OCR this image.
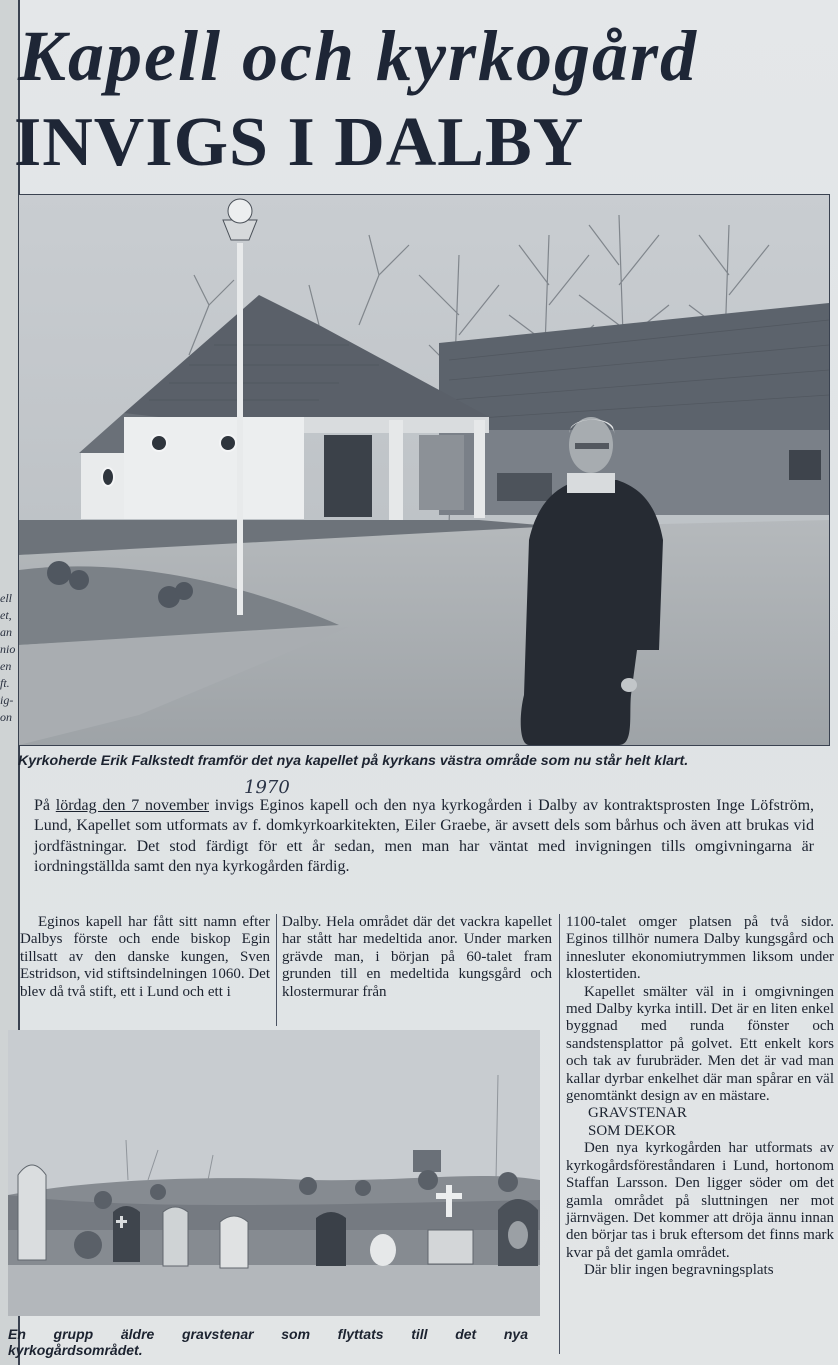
ell
et,
an
nio
en
ft.
ig-
on
Kapell och kyrkogård
INVIGS I DALBY
Kyrkoherde Erik Falkstedt framför det nya kapellet på kyrkans västra område som nu står helt klart.
1970
På lördag den 7 november invigs Eginos kapell och den nya kyrkogården i Dalby av kontraktsprosten Inge Löfström, Lund, Kapellet som utformats av f. domkyrkoarkitekten, Eiler Graebe, är avsett dels som bårhus och även att brukas vid jordfästningar. Det stod färdigt för ett år sedan, men man har väntat med invigningen tills omgivningarna är iordningställda samt den nya kyrkogården färdig.

Eginos kapell har fått sitt namn efter Dalbys förste och ende biskop Egin tillsatt av den danske kungen, Sven Estridson, vid stiftsindelningen 1060. Det blev då två stift, ett i Lund och ett i

Dalby. Hela området där det vackra kapellet har stått har medeltida anor. Under marken grävde man, i början på 60-talet fram grunden till en medeltida kungsgård och klostermurar från

1100-talet omger platsen på två sidor. Eginos tillhör numera Dalby kungsgård och innesluter ekonomiutrymmen liksom under klostertiden.

Kapellet smälter väl in i omgivningen med Dalby kyrka intill. Det är en liten enkel byggnad med runda fönster och sandstensplattor på golvet. Ett enkelt kors och tak av furubräder. Men det är vad man kallar dyrbar enkelhet där man spårar en väl genomtänkt design av en mästare.

GRAVSTENAR

SOM DEKOR

Den nya kyrkogården har utformats av kyrkogårdsföreståndaren i Lund, hortonom Staffan Larsson. Den ligger söder om det gamla området på sluttningen ner mot järnvägen. Det kommer att dröja ännu innan den börjar tas i bruk eftersom det finns mark kvar på det gamla området.

Där blir ingen begravningsplats

En grupp äldre gravstenar som flyttats till det nya
kyrkogårdsområdet.
